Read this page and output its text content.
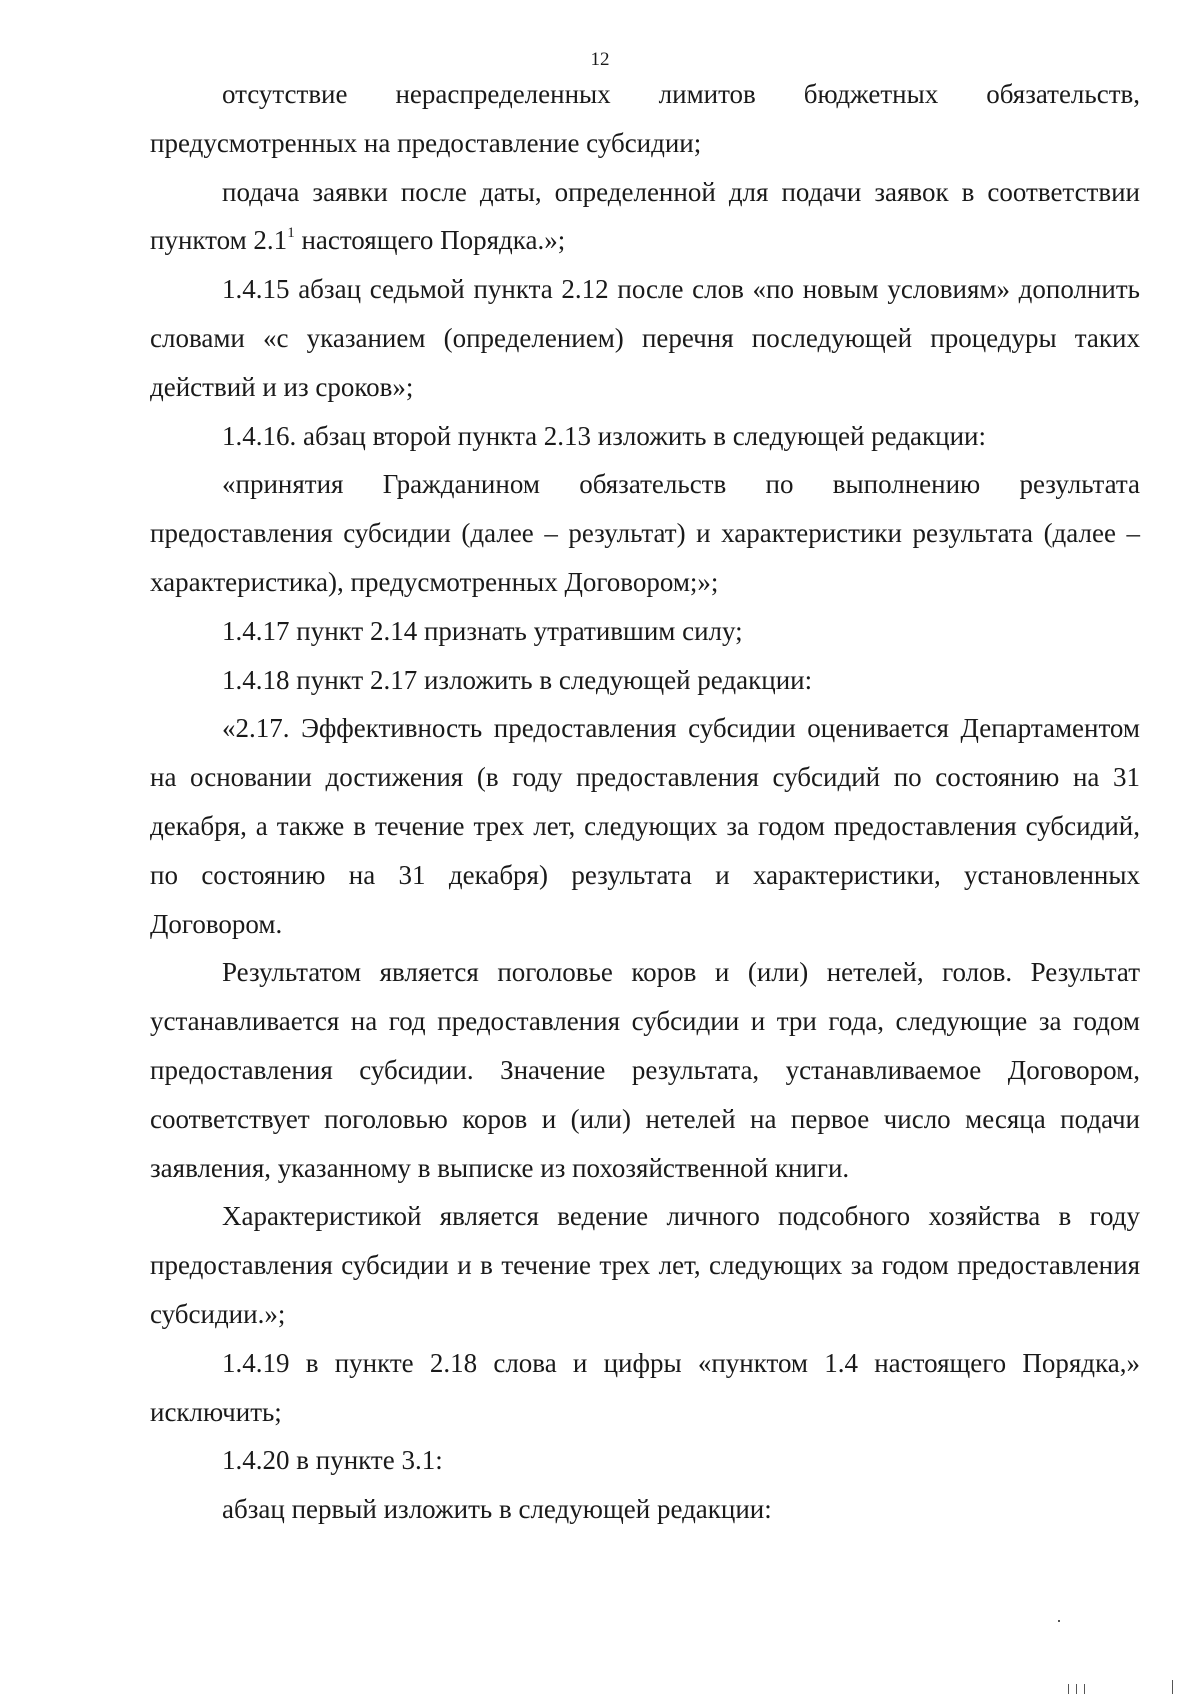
12

отсутствие нераспределенных лимитов бюджетных обязательств, предусмотренных на предоставление субсидии;

подача заявки после даты, определенной для подачи заявок в соответствии пунктом $2.1^1$ настоящего Порядка.»;

1.4.15 абзац седьмой пункта 2.12 после слов «по новым условиям» дополнить словами «с указанием (определением) перечня последующей процедуры таких действий и из сроков»;

1.4.16. абзац второй пункта 2.13 изложить в следующей редакции:

«принятия Гражданином обязательств по выполнению результата предоставления субсидии (далее – результат) и характеристики результата (далее – характеристика), предусмотренных Договором;»;

1.4.17 пункт 2.14 признать утратившим силу;

1.4.18 пункт 2.17 изложить в следующей редакции:

«2.17. Эффективность предоставления субсидии оценивается Департаментом на основании достижения (в году предоставления субсидий по состоянию на 31 декабря, а также в течение трех лет, следующих за годом предоставления субсидий, по состоянию на 31 декабря) результата и характеристики, установленных Договором.

Результатом является поголовье коров и (или) нетелей, голов. Результат устанавливается на год предоставления субсидии и три года, следующие за годом предоставления субсидии. Значение результата, устанавливаемое Договором, соответствует поголовью коров и (или) нетелей на первое число месяца подачи заявления, указанному в выписке из похозяйственной книги.

Характеристикой является ведение личного подсобного хозяйства в году предоставления субсидии и в течение трех лет, следующих за годом предоставления субсидии.»;

1.4.19 в пункте 2.18 слова и цифры «пунктом 1.4 настоящего Порядка,» исключить;

1.4.20 в пункте 3.1:

абзац первый изложить в следующей редакции:
